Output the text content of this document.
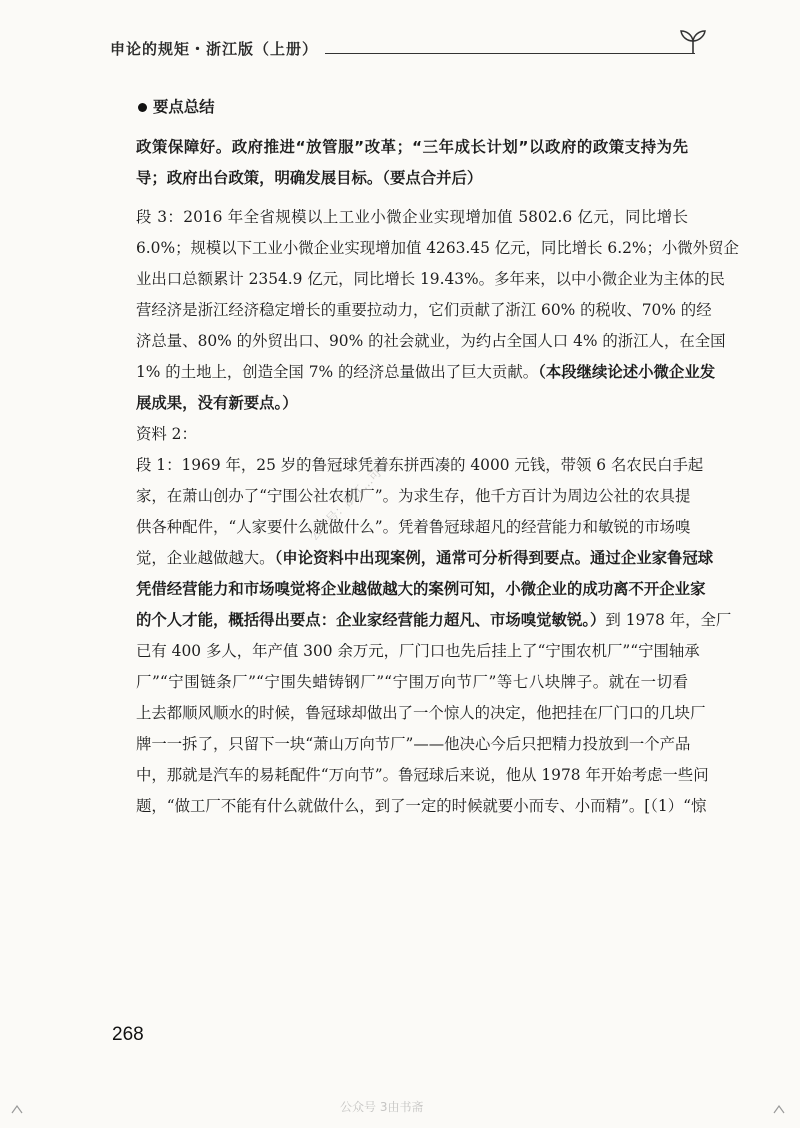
申论的规矩・浙江版（上册）
要点总结
政策保障好。政府推进“放管服”改革；“三年成长计划”以政府的政策支持为先
导；政府出台政策，明确发展目标。（要点合并后）
段 3：2016 年全省规模以上工业小微企业实现增加值 5802.6 亿元，同比增长
6.0%；规模以下工业小微企业实现增加值 4263.45 亿元，同比增长 6.2%；小微外贸企
业出口总额累计 2354.9 亿元，同比增长 19.43%。多年来，以中小微企业为主体的民
营经济是浙江经济稳定增长的重要拉动力，它们贡献了浙江 60% 的税收、70% 的经
济总量、80% 的外贸出口、90% 的社会就业，为约占全国人口 4% 的浙江人，在全国
1% 的土地上，创造全国 7% 的经济总量做出了巨大贡献。（本段继续论述小微企业发
展成果，没有新要点。）
资料 2：
段 1：1969 年，25 岁的鲁冠球凭着东拼西凑的 4000 元钱，带领 6 名农民白手起
家，在萧山创办了“宁围公社农机厂”。为求生存，他千方百计为周边公社的农具提
供各种配件，“人家要什么就做什么”。凭着鲁冠球超凡的经营能力和敏锐的市场嗅
觉，企业越做越大。（申论资料中出现案例，通常可分析得到要点。通过企业家鲁冠球
凭借经营能力和市场嗅觉将企业越做越大的案例可知，小微企业的成功离不开企业家
的个人才能，概括得出要点：企业家经营能力超凡、市场嗅觉敏锐。）到 1978 年，全厂
已有 400 多人，年产值 300 余万元，厂门口也先后挂上了“宁围农机厂”“宁围轴承
厂”“宁围链条厂”“宁围失蜡铸钢厂”“宁围万向节厂”等七八块牌子。就在一切看
上去都顺风顺水的时候，鲁冠球却做出了一个惊人的决定，他把挂在厂门口的几块厂
牌一一拆了，只留下一块“萧山万向节厂”——他决心今后只把精力投放到一个产品
中，那就是汽车的易耗配件“万向节”。鲁冠球后来说，他从 1978 年开始考虑一些问
题，“做工厂不能有什么就做什么，到了一定的时候就要小而专、小而精”。[（1）“惊
公众号：浙江…可以…
268
公众号 3由书斋
